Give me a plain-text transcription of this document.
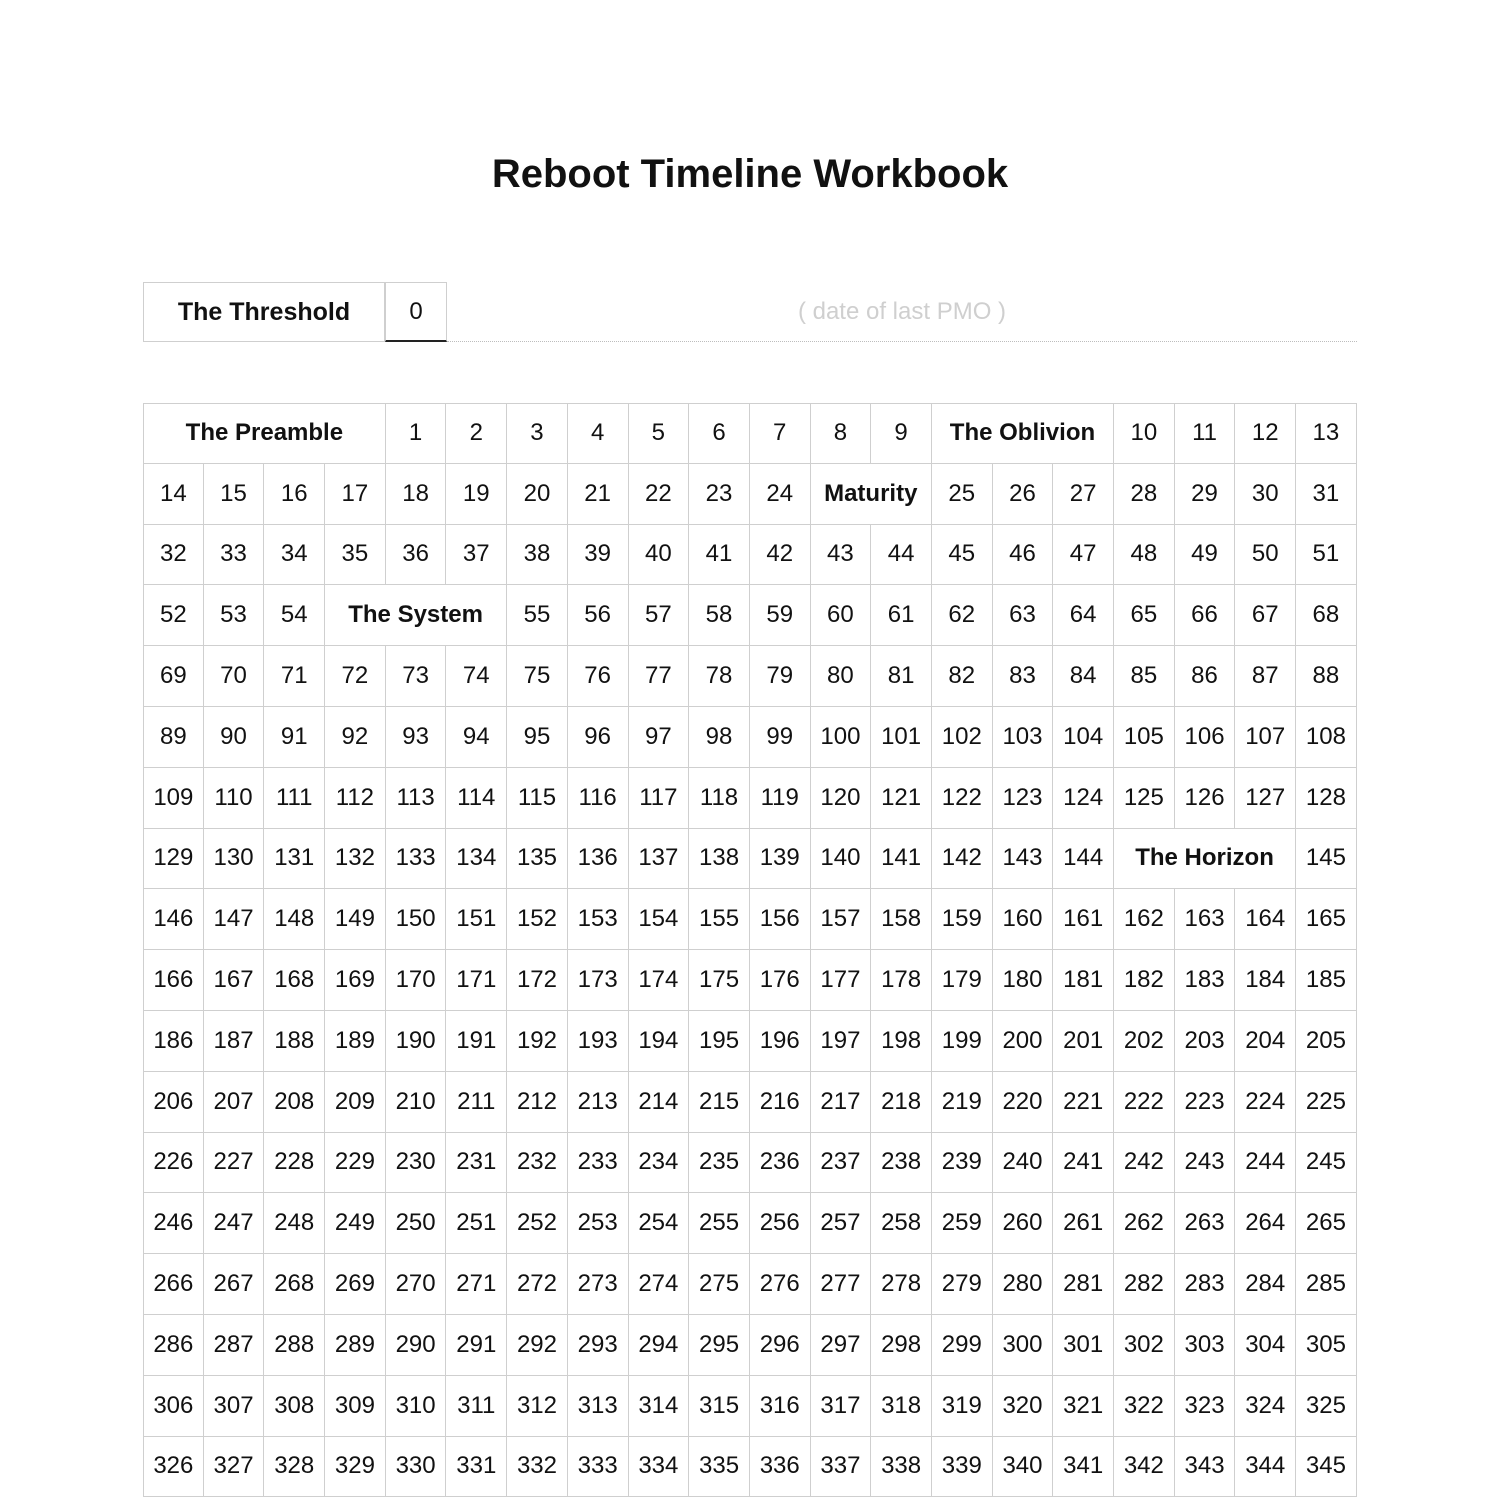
Reboot Timeline Workbook
The Threshold	0	( date of last PMO )
The Preamble	1	2	3	4	5	6	7	8	9	The Oblivion	10	11	12	13
14	15	16	17	18	19	20	21	22	23	24	Maturity	25	26	27	28	29	30	31
32	33	34	35	36	37	38	39	40	41	42	43	44	45	46	47	48	49	50	51
52	53	54	The System	55	56	57	58	59	60	61	62	63	64	65	66	67	68
69	70	71	72	73	74	75	76	77	78	79	80	81	82	83	84	85	86	87	88
89	90	91	92	93	94	95	96	97	98	99	100 101 102 103 104 105 106 107 108
109 110 111 112 113 114 115 116 117 118 119 120 121 122 123 124 125 126 127 128
129 130 131 132 133 134 135 136 137 138 139 140 141 142 143 144	The Horizon	145
146 147 148 149 150 151 152 153 154 155 156 157 158 159 160 161 162 163 164 165
166 167 168 169 170 171 172 173 174 175 176 177 178 179 180 181 182 183 184 185
186 187 188 189 190 191 192 193 194 195 196 197 198 199 200 201 202 203 204 205
206 207 208 209 210 211 212 213 214 215 216 217 218 219 220 221 222 223 224 225
226 227 228 229 230 231 232 233 234 235 236 237 238 239 240 241 242 243 244 245
246 247 248 249 250 251 252 253 254 255 256 257 258 259 260 261 262 263 264 265
266 267 268 269 270 271 272 273 274 275 276 277 278 279 280 281 282 283 284 285
286 287 288 289 290 291 292 293 294 295 296 297 298 299 300 301 302 303 304 305
306 307 308 309 310 311 312 313 314 315 316 317 318 319 320 321 322 323 324 325
326 327 328 329 330 331 332 333 334 335 336 337 338 339 340 341 342 343 344 345
